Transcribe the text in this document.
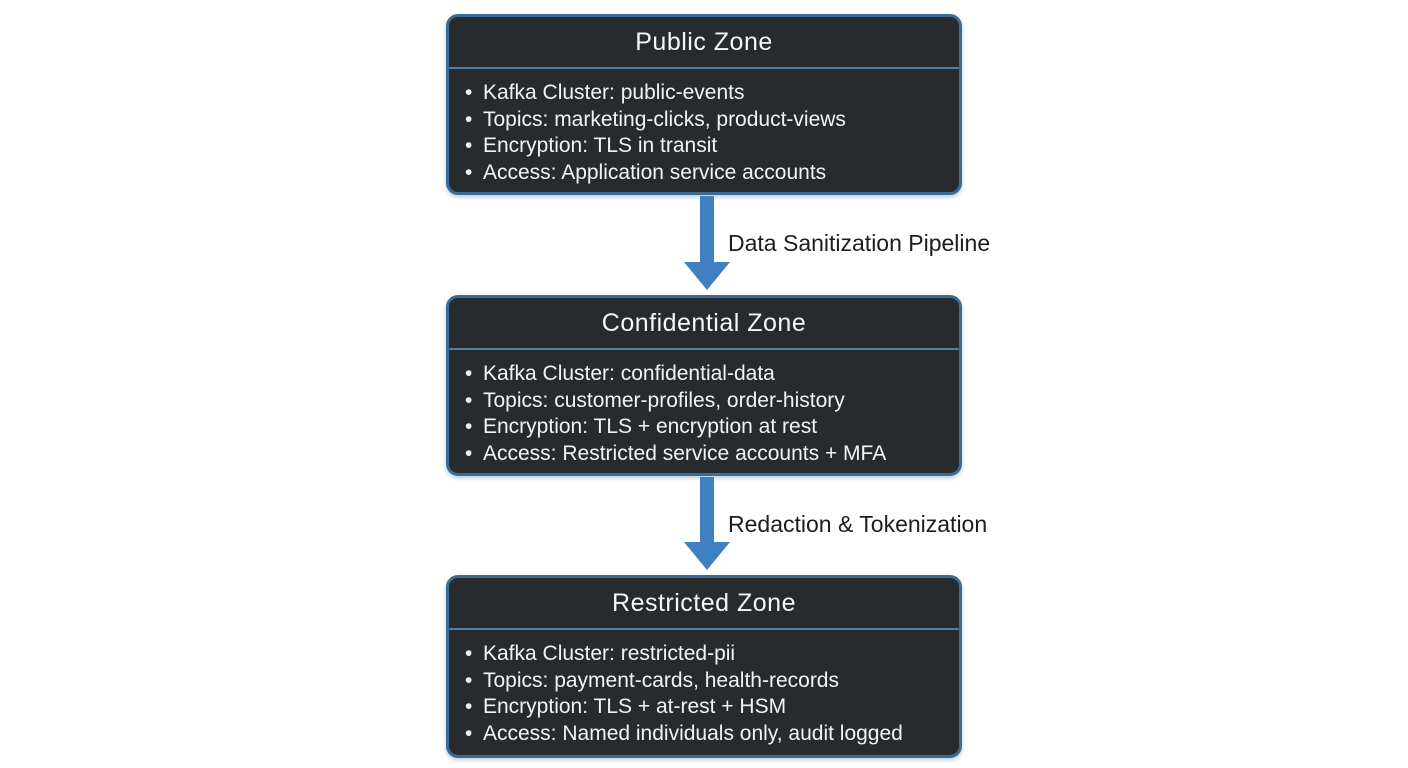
Public Zone
• Kafka Cluster: public-events
• Topics: marketing-clicks, product-views
• Encryption: TLS in transit
• Access: Application service accounts
Data Sanitization Pipeline
Confidential Zone
• Kafka Cluster: confidential-data
• Topics: customer-profiles, order-history
• Encryption: TLS + encryption at rest
• Access: Restricted service accounts + MFA
Redaction & Tokenization
Restricted Zone
• Kafka Cluster: restricted-pii
• Topics: payment-cards, health-records
• Encryption: TLS + at-rest + HSM
• Access: Named individuals only, audit logged
